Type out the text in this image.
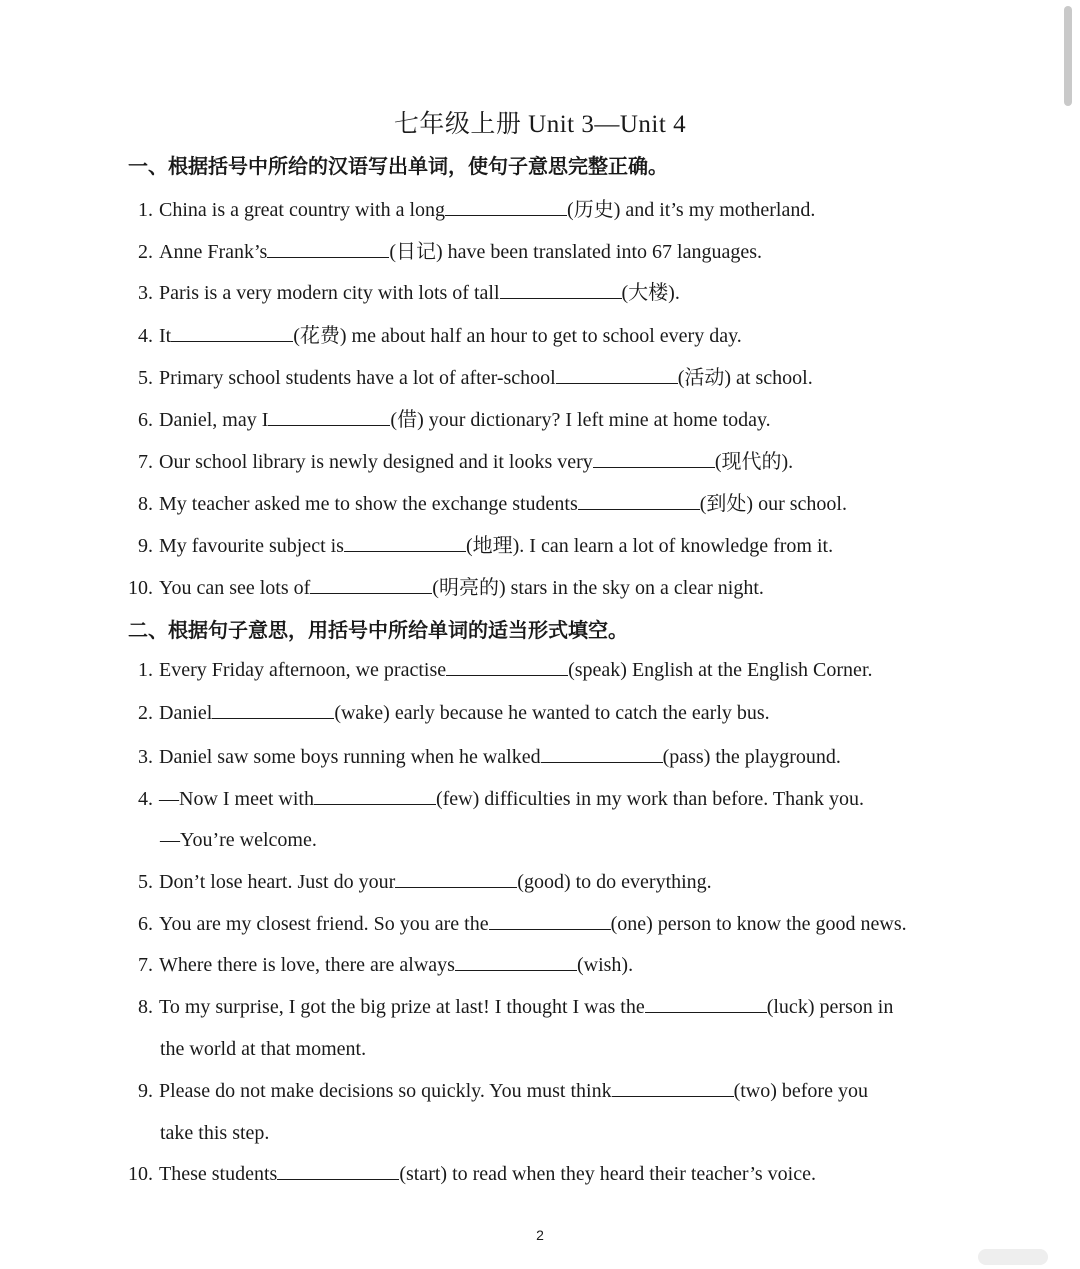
七年级上册 Unit 3—Unit 4
一、根据括号中所给的汉语写出单词，使句子意思完整正确。
1. China is a great country with a long	(历史) and it’s my motherland.
2. Anne Frank’s	(日记) have been translated into 67 languages.
3. Paris is a very modern city with lots of tall	(大楼).
4. It	(花费) me about half an hour to get to school every day.
5. Primary school students have a lot of after-school	(活动) at school.
6. Daniel, may I	(借) your dictionary? I left mine at home today.
7. Our school library is newly designed and it looks very	(现代的).
8. My teacher asked me to show the exchange students	(到处) our school.
9. My favourite subject is	(地理). I can learn a lot of knowledge from it.
10. You can see lots of	(明亮的) stars in the sky on a clear night.
二、根据句子意思，用括号中所给单词的适当形式填空。
1. Every Friday afternoon, we practise	(speak) English at the English Corner.
2. Daniel	(wake) early because he wanted to catch the early bus.
3. Daniel saw some boys running when he walked	(pass) the playground.
4. —Now I meet with	(few) difficulties in my work than before. Thank you.
—You’re welcome.
5. Don’t lose heart. Just do your	(good) to do everything.
6. You are my closest friend. So you are the	(one) person to know the good news.
7. Where there is love, there are always	(wish).
8. To my surprise, I got the big prize at last! I thought I was the	(luck) person in
the world at that moment.
9. Please do not make decisions so quickly. You must think	(two) before you
take this step.
10. These students	(start) to read when they heard their teacher’s voice.
2
